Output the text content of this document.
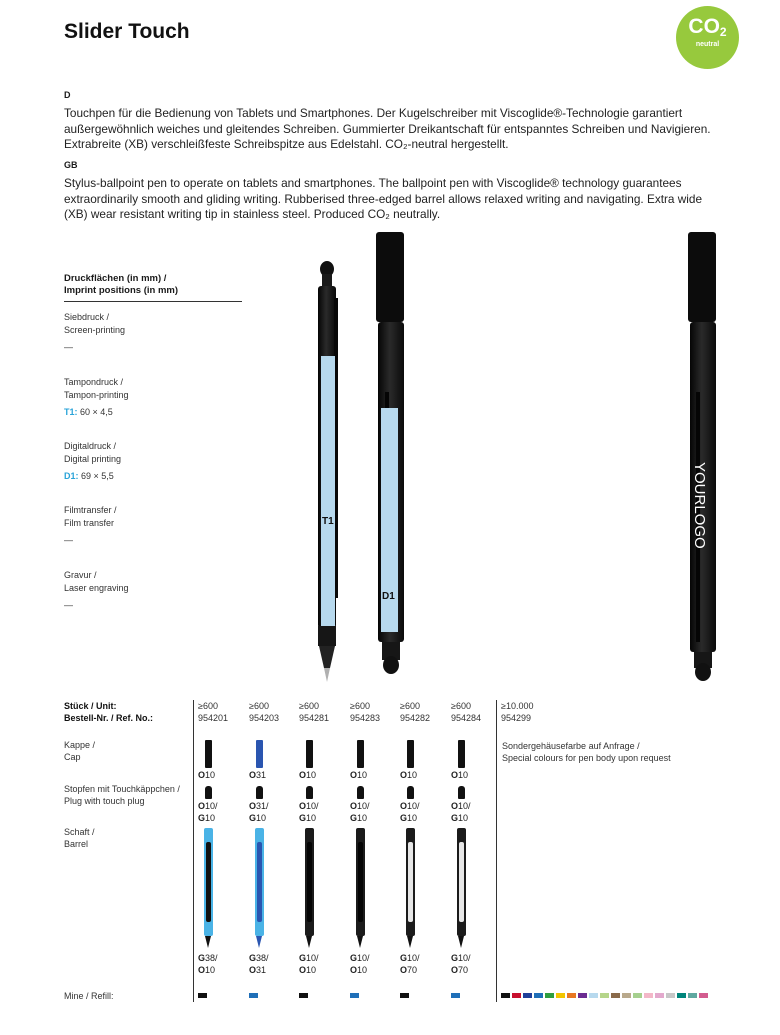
Slider Touch	$CO_2$
neutral
D
Touchpen für die Bedienung von Tablets und Smartphones. Der Kugelschreiber mit Viscoglide®-Technologie garantiert außergewöhnlich weiches und gleitendes Schreiben. Gummierter Dreikantschaft für entspanntes Schreiben und Navigieren. Extrabreite (XB) verschleißfeste Schreibspitze aus Edelstahl. CO₂-neutral hergestellt.
GB
Stylus-ballpoint pen to operate on tablets and smartphones. The ballpoint pen with Viscoglide® technology guarantees extraordinarily smooth and gliding writing. Rubberised three-edged barrel allows relaxed writing and navigating. Extra wide (XB) wear resistant writing tip in stainless steel. Produced CO₂ neutrally.
Druckflächen (in mm) /
Imprint positions (in mm)
Siebdruck /
Screen-printing
—
Tampondruck /
Tampon-printing
T1: 60 × 4,5
Digitaldruck /
Digital printing
D1: 69 × 5,5
Filmtransfer /
Film transfer
—
Gravur /
Laser engraving
—
T1
D1
YOURLOGO
Stück / Unit:
Bestell-Nr. / Ref. No.:
Kappe /
Cap
Stopfen mit Touchkäppchen /
Plug with touch plug
Schaft /
Barrel
Mine / Refill:
≥600
954201
O10
O10/
G10
G38/
O10
≥600
954203
O31
O31/
G10
G38/
O31
≥600
954281
O10
O10/
G10
G10/
O10
≥600
954283
O10
O10/
G10
G10/
O10
≥600
954282
O10
O10/
G10
G10/
O70
≥600
954284
O10
O10/
G10
G10/
O70
≥10.000
954299
Sondergehäusefarbe auf Anfrage /
Special colours for pen body upon request
